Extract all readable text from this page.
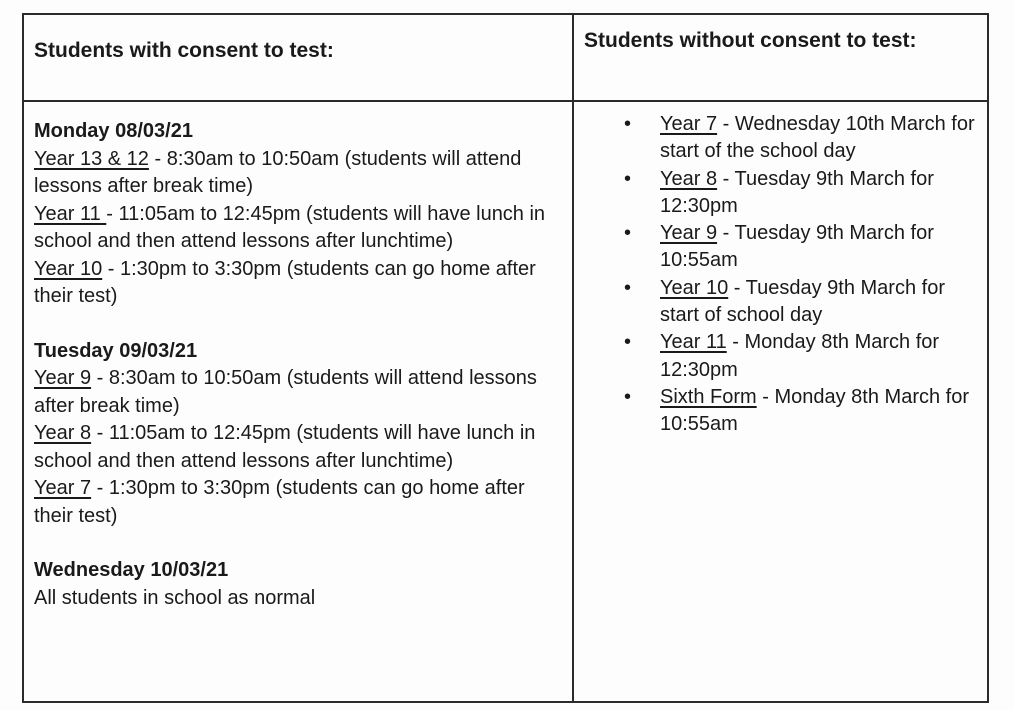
Students with consent to test:	Students without consent to test:
Monday 08/03/21
Year 13 & 12 - 8:30am to 10:50am (students will attend lessons after break time)
Year 11 - 11:05am to 12:45pm (students will have lunch in school and then attend lessons after lunchtime)
Year 10 - 1:30pm to 3:30pm (students can go home after their test)
Tuesday 09/03/21
Year 9 - 8:30am to 10:50am (students will attend lessons after break time)
Year 8 - 11:05am to 12:45pm (students will have lunch in school and then attend lessons after lunchtime)
Year 7 - 1:30pm to 3:30pm (students can go home after their test)
Wednesday 10/03/21
All students in school as normal
• Year 7 - Wednesday 10th March for start of the school day
• Year 8 - Tuesday 9th March for 12:30pm
• Year 9 - Tuesday 9th March for 10:55am
• Year 10 - Tuesday 9th March for start of school day
• Year 11 - Monday 8th March for 12:30pm
• Sixth Form - Monday 8th March for 10:55am
